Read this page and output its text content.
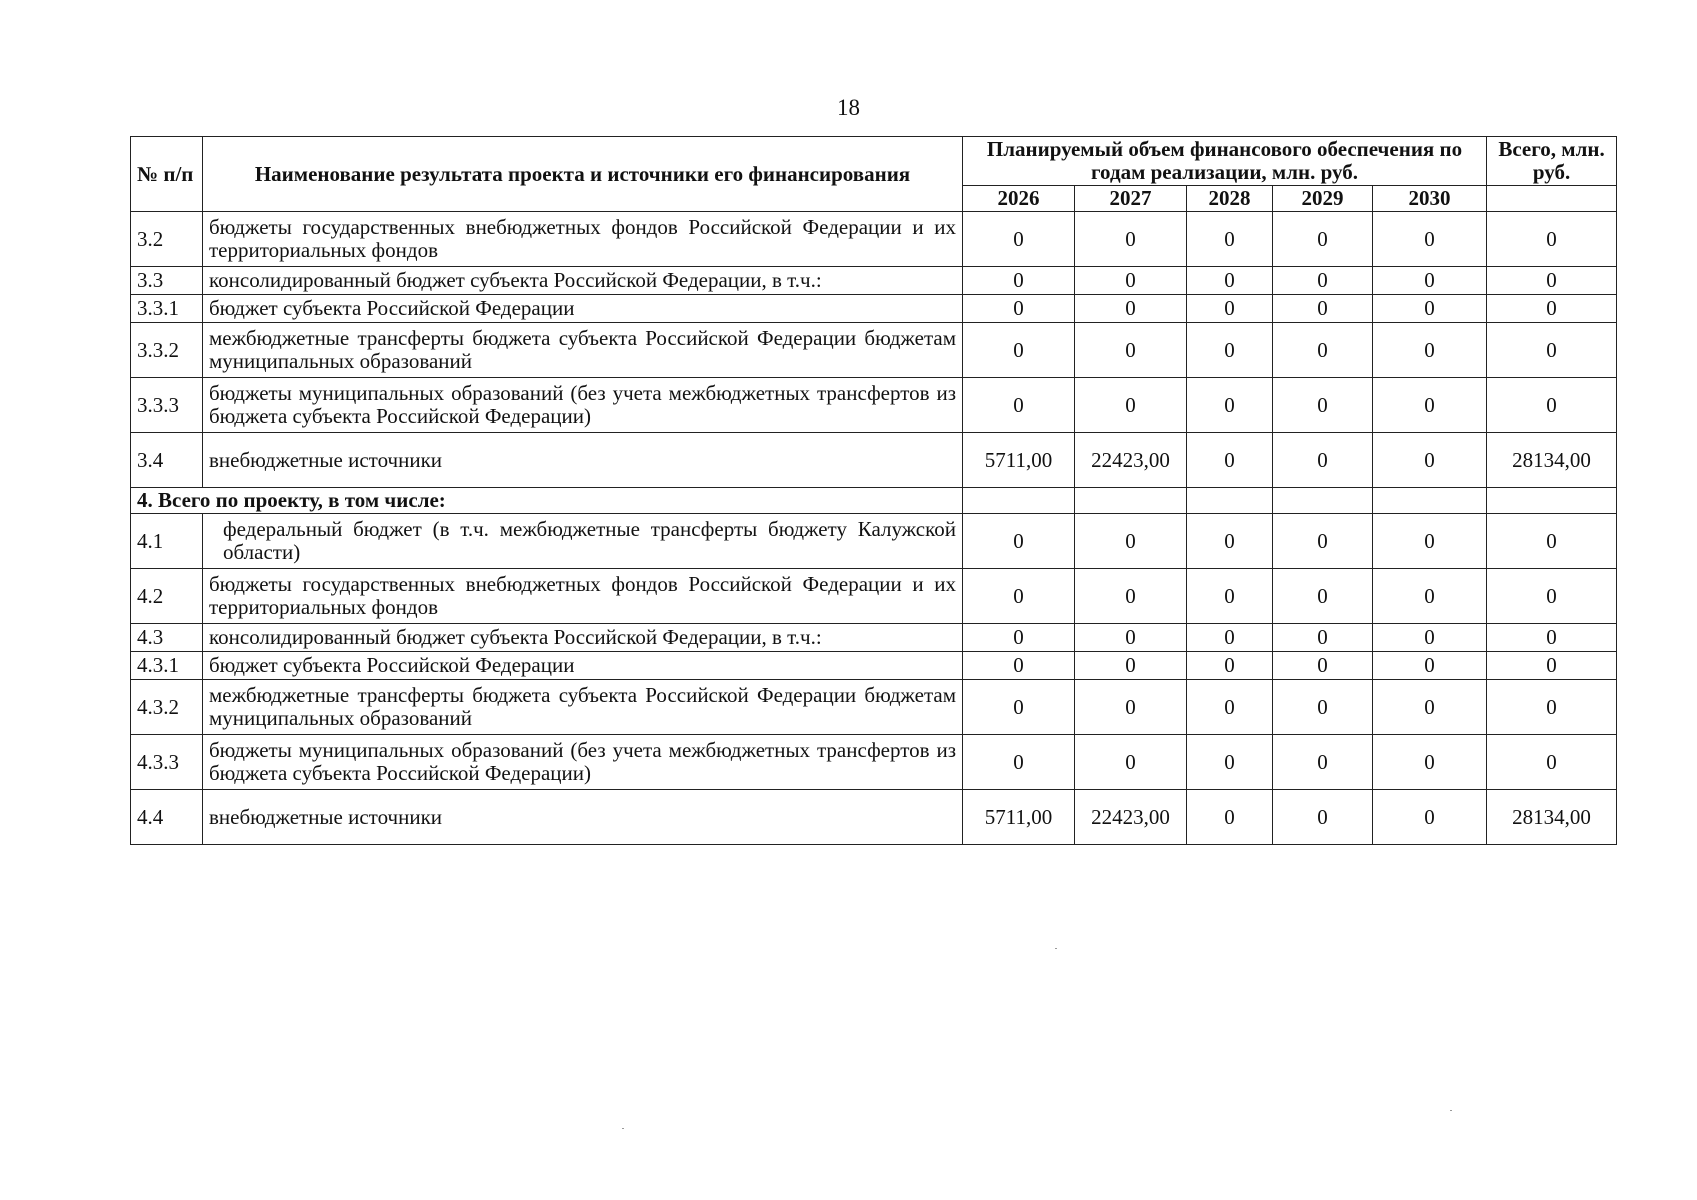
18
№ п/п	Наименование результата проекта и источники его финансирования	Планируемый объем финансового обеспечения по годам реализации, млн. руб.					Всего, млн. руб.
		2026	2027	2028	2029	2030	
3.2	бюджеты государственных внебюджетных фондов Российской Федерации и их территориальных фондов	0	0	0	0	0	0
3.3	консолидированный бюджет субъекта Российской Федерации, в т.ч.:	0	0	0	0	0	0
3.3.1	бюджет субъекта Российской Федерации	0	0	0	0	0	0
3.3.2	межбюджетные трансферты бюджета субъекта Российской Федерации бюджетам муниципальных образований	0	0	0	0	0	0
3.3.3	бюджеты муниципальных образований (без учета межбюджетных трансфертов из бюджета субъекта Российской Федерации)	0	0	0	0	0	0
3.4	внебюджетные источники	5711,00	22423,00	0	0	0	28134,00
4. Всего по проекту, в том числе:							
4.1	федеральный бюджет (в т.ч. межбюджетные трансферты бюджету Калужской области)	0	0	0	0	0	0
4.2	бюджеты государственных внебюджетных фондов Российской Федерации и их территориальных фондов	0	0	0	0	0	0
4.3	консолидированный бюджет субъекта Российской Федерации, в т.ч.:	0	0	0	0	0	0
4.3.1	бюджет субъекта Российской Федерации	0	0	0	0	0	0
4.3.2	межбюджетные трансферты бюджета субъекта Российской Федерации бюджетам муниципальных образований	0	0	0	0	0	0
4.3.3	бюджеты муниципальных образований (без учета межбюджетных трансфертов из бюджета субъекта Российской Федерации)	0	0	0	0	0	0
4.4	внебюджетные источники	5711,00	22423,00	0	0	0	28134,00
